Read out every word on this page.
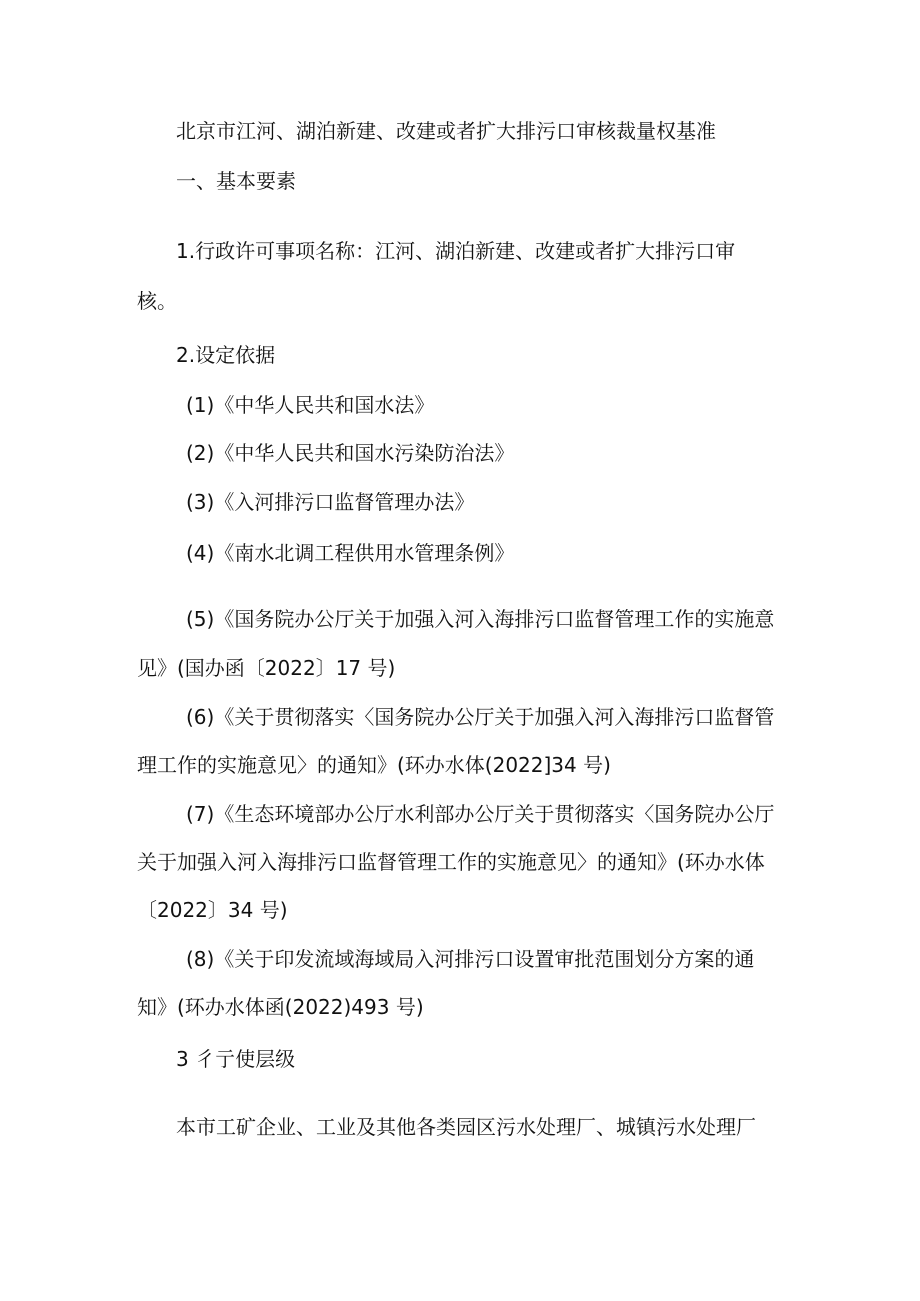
北京市江河、湖泊新建、改建或者扩大排污口审核裁量权基准

一、基本要素

1.行政许可事项名称：江河、湖泊新建、改建或者扩大排污口审

核。

2.设定依据

(1)《中华人民共和国水法》

(2)《中华人民共和国水污染防治法》

(3)《入河排污口监督管理办法》

(4)《南水北调工程供用水管理条例》

(5)《国务院办公厅关于加强入河入海排污口监督管理工作的实施意

见》(国办函〔2022〕17 号)

(6)《关于贯彻落实〈国务院办公厅关于加强入河入海排污口监督管

理工作的实施意见〉的通知》(环办水体(2022]34 号)

(7)《生态环境部办公厅水利部办公厅关于贯彻落实〈国务院办公厅

关于加强入河入海排污口监督管理工作的实施意见〉的通知》(环办水体

〔2022〕34 号)

(8)《关于印发流域海域局入河排污口设置审批范围划分方案的通

知》(环办水体函(2022)493 号)

3 彳亍使层级

本市工矿企业、工业及其他各类园区污水处理厂、城镇污水处理厂
